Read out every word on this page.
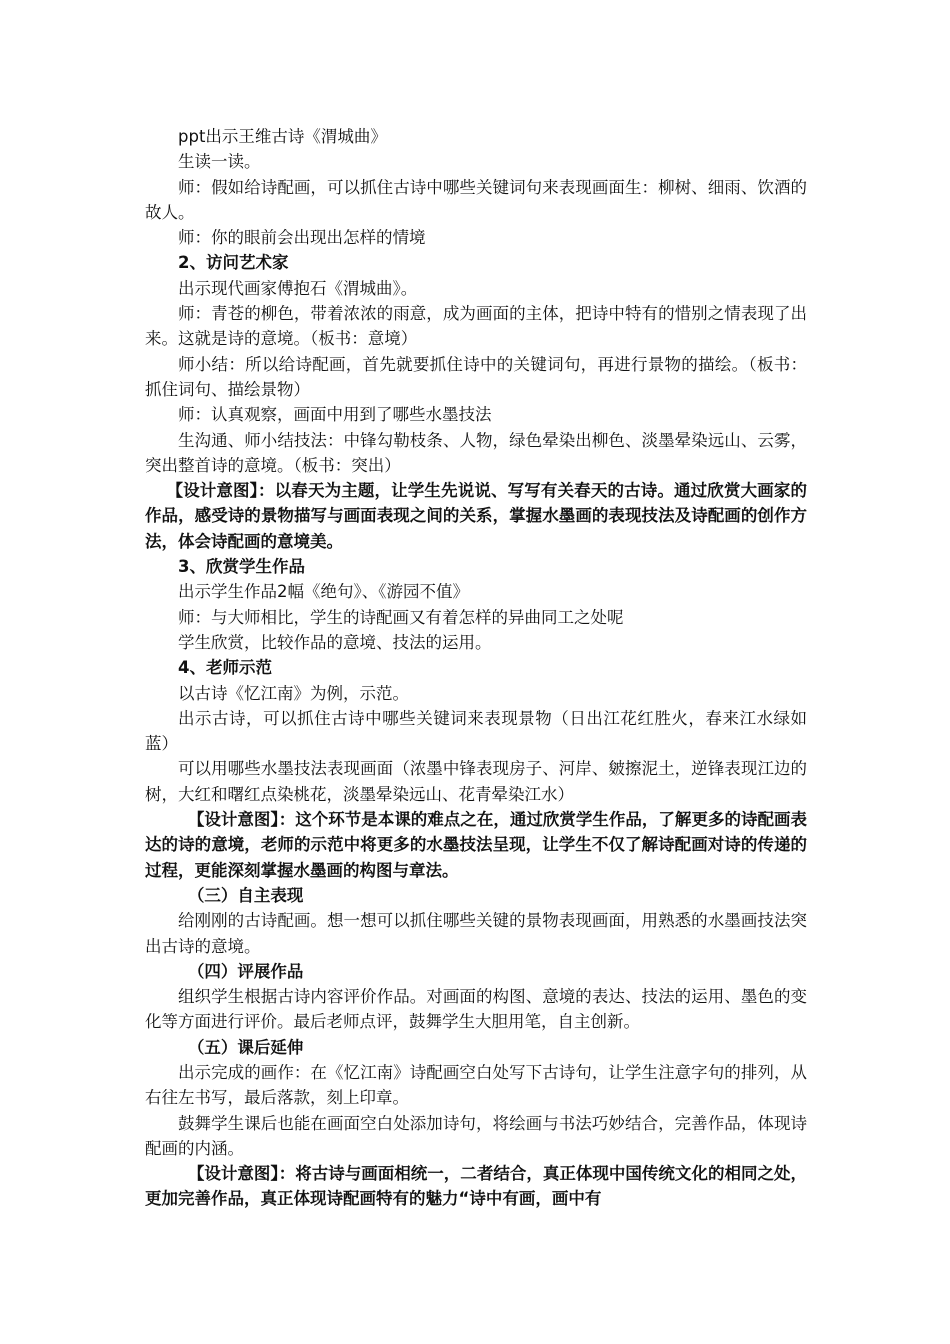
ppt出示王维古诗《渭城曲》

生读一读。

师：假如给诗配画，可以抓住古诗中哪些关键词句来表现画面生：柳树、细雨、饮酒的故人。

师：你的眼前会出现出怎样的情境

2、访问艺术家

出示现代画家傅抱石《渭城曲》。

师：青苍的柳色，带着浓浓的雨意，成为画面的主体，把诗中特有的惜别之情表现了出来。这就是诗的意境。（板书：意境）

师小结：所以给诗配画，首先就要抓住诗中的关键词句，再进行景物的描绘。（板书：抓住词句、描绘景物）

师：认真观察，画面中用到了哪些水墨技法

生沟通、师小结技法：中锋勾勒枝条、人物，绿色晕染出柳色、淡墨晕染远山、云雾，突出整首诗的意境。（板书：突出）

【设计意图】：以春天为主题，让学生先说说、写写有关春天的古诗。通过欣赏大画家的作品，感受诗的景物描写与画面表现之间的关系，掌握水墨画的表现技法及诗配画的创作方法，体会诗配画的意境美。

3、欣赏学生作品

出示学生作品2幅《绝句》、《游园不值》

师：与大师相比，学生的诗配画又有着怎样的异曲同工之处呢

学生欣赏，比较作品的意境、技法的运用。

4、老师示范

以古诗《忆江南》为例，示范。

出示古诗，可以抓住古诗中哪些关键词来表现景物（日出江花红胜火，春来江水绿如蓝）

可以用哪些水墨技法表现画面（浓墨中锋表现房子、河岸、皴擦泥土，逆锋表现江边的树，大红和曙红点染桃花，淡墨晕染远山、花青晕染江水）

【设计意图】：这个环节是本课的难点之在，通过欣赏学生作品，了解更多的诗配画表达的诗的意境，老师的示范中将更多的水墨技法呈现，让学生不仅了解诗配画对诗的传递的过程，更能深刻掌握水墨画的构图与章法。

（三）自主表现

给刚刚的古诗配画。想一想可以抓住哪些关键的景物表现画面，用熟悉的水墨画技法突出古诗的意境。

（四）评展作品

组织学生根据古诗内容评价作品。对画面的构图、意境的表达、技法的运用、墨色的变化等方面进行评价。最后老师点评，鼓舞学生大胆用笔，自主创新。

（五）课后延伸

出示完成的画作：在《忆江南》诗配画空白处写下古诗句，让学生注意字句的排列，从右往左书写，最后落款，刻上印章。

鼓舞学生课后也能在画面空白处添加诗句，将绘画与书法巧妙结合，完善作品，体现诗配画的内涵。

【设计意图】：将古诗与画面相统一，二者结合，真正体现中国传统文化的相同之处，更加完善作品，真正体现诗配画特有的魅力“诗中有画，画中有
